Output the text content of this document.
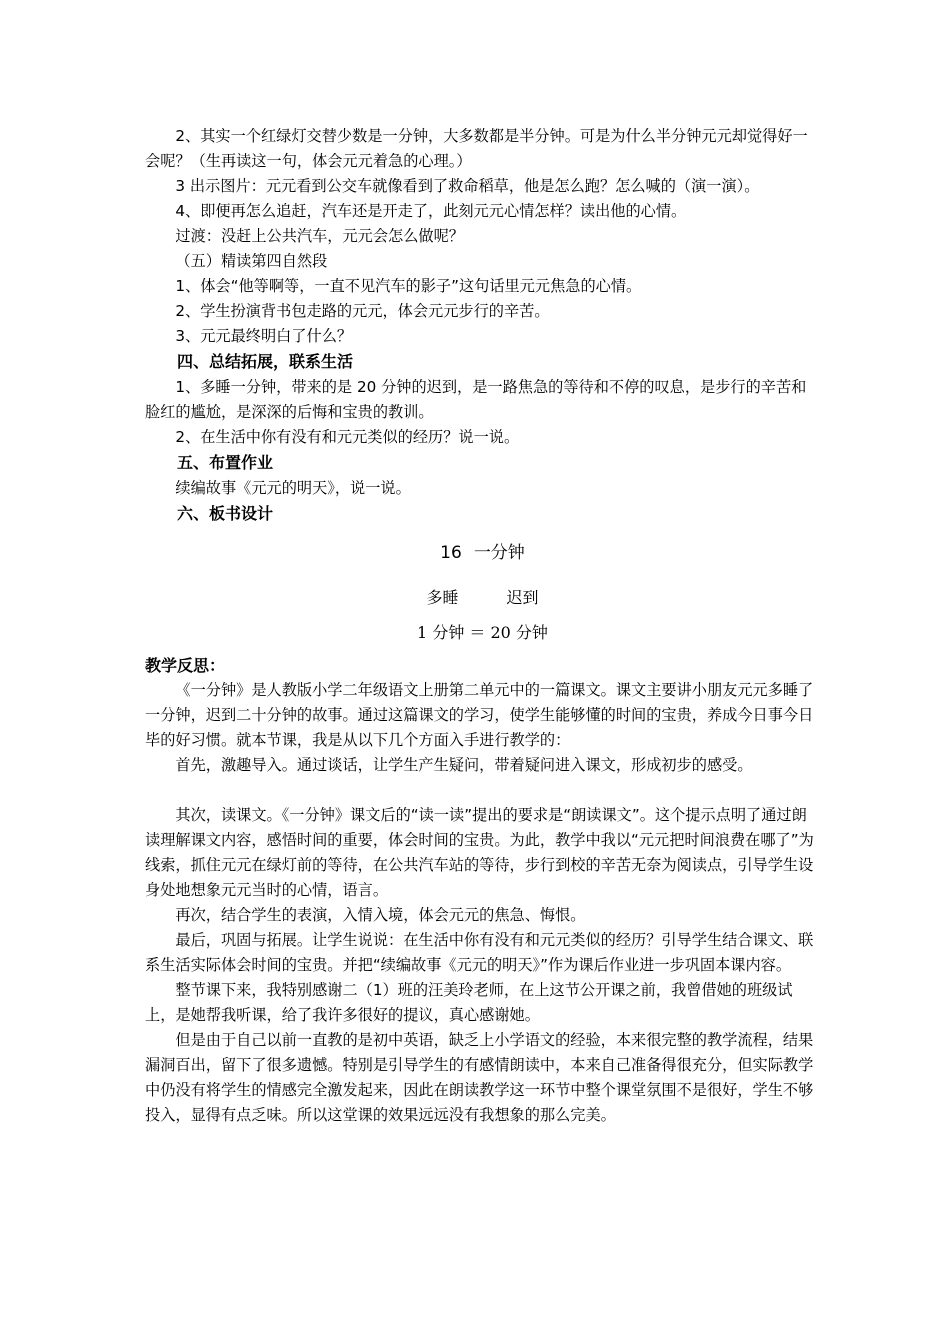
2、其实一个红绿灯交替少数是一分钟，大多数都是半分钟。可是为什么半分钟元元却觉得好一会呢？（生再读这一句，体会元元着急的心理。）

3 出示图片：元元看到公交车就像看到了救命稻草，他是怎么跑？怎么喊的（演一演）。

4、即便再怎么追赶，汽车还是开走了，此刻元元心情怎样？读出他的心情。

过渡：没赶上公共汽车，元元会怎么做呢？

（五）精读第四自然段

1、体会“他等啊等，一直不见汽车的影子”这句话里元元焦急的心情。

2、学生扮演背书包走路的元元，体会元元步行的辛苦。

3、元元最终明白了什么？

四、总结拓展，联系生活

1、多睡一分钟，带来的是 20 分钟的迟到，是一路焦急的等待和不停的叹息，是步行的辛苦和脸红的尴尬，是深深的后悔和宝贵的教训。

2、在生活中你有没有和元元类似的经历？说一说。

五、布置作业

续编故事《元元的明天》，说一说。

六、板书设计

16 一分钟

多睡	迟到

1 分钟 ＝ 20 分钟

教学反思：

《一分钟》是人教版小学二年级语文上册第二单元中的一篇课文。课文主要讲小朋友元元多睡了一分钟，迟到二十分钟的故事。通过这篇课文的学习，使学生能够懂的时间的宝贵，养成今日事今日毕的好习惯。就本节课，我是从以下几个方面入手进行教学的：

首先，激趣导入。通过谈话，让学生产生疑问，带着疑问进入课文，形成初步的感受。

其次，读课文。《一分钟》课文后的“读一读”提出的要求是“朗读课文”。这个提示点明了通过朗读理解课文内容，感悟时间的重要，体会时间的宝贵。为此，教学中我以“元元把时间浪费在哪了”为线索，抓住元元在绿灯前的等待，在公共汽车站的等待，步行到校的辛苦无奈为阅读点，引导学生设身处地想象元元当时的心情，语言。

再次，结合学生的表演，入情入境，体会元元的焦急、悔恨。

最后，巩固与拓展。让学生说说：在生活中你有没有和元元类似的经历？引导学生结合课文、联系生活实际体会时间的宝贵。并把“续编故事《元元的明天》”作为课后作业进一步巩固本课内容。

整节课下来，我特别感谢二（1）班的汪美玲老师，在上这节公开课之前，我曾借她的班级试上，是她帮我听课，给了我许多很好的提议，真心感谢她。

但是由于自己以前一直教的是初中英语，缺乏上小学语文的经验，本来很完整的教学流程，结果漏洞百出，留下了很多遗憾。特别是引导学生的有感情朗读中，本来自己准备得很充分，但实际教学中仍没有将学生的情感完全激发起来，因此在朗读教学这一环节中整个课堂氛围不是很好，学生不够投入，显得有点乏味。所以这堂课的效果远远没有我想象的那么完美。
